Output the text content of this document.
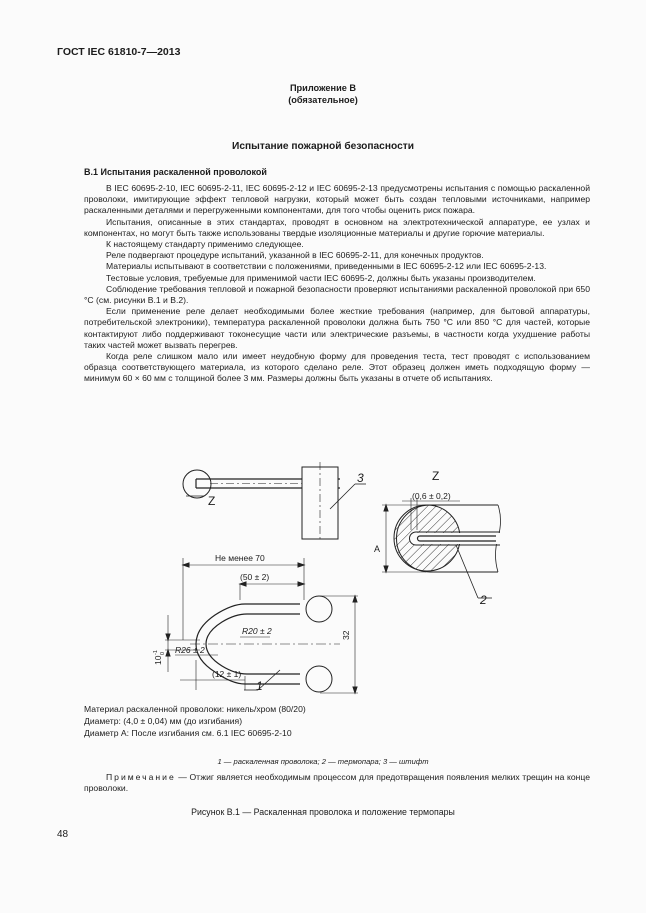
ГОСТ IEC 61810-7—2013
Приложение В
(обязательное)
Испытание пожарной безопасности
В.1 Испытания раскаленной проволокой

В IEC 60695-2-10, IEC 60695-2-11, IEC 60695-2-12 и IEC 60695-2-13 предусмотрены испытания с помощью раскаленной проволоки, имитирующие эффект тепловой нагрузки, который может быть создан тепловыми источниками, например раскаленными деталями и перегруженными компонентами, для того чтобы оценить риск пожара.

Испытания, описанные в этих стандартах, проводят в основном на электротехнической аппаратуре, ее узлах и компонентах, но могут быть также использованы твердые изоляционные материалы и другие горючие материалы.

К настоящему стандарту применимо следующее.

Реле подвергают процедуре испытаний, указанной в IEC 60695-2-11, для конечных продуктов.

Материалы испытывают в соответствии с положениями, приведенными в IEC 60695-2-12 или IEC 60695-2-13.

Тестовые условия, требуемые для применимой части IEC 60695-2, должны быть указаны производителем.

Соблюдение требования тепловой и пожарной безопасности проверяют испытаниями раскаленной проволокой при 650 °С (см. рисунки В.1 и В.2).

Если применение реле делает необходимыми более жесткие требования (например, для бытовой аппаратуры, потребительской электроники), температура раскаленной проволоки должна быть 750 °С или 850 °С для частей, которые контактируют либо поддерживают токонесущие части или электрические разъемы, в частности когда ухудшение работы таких частей может вызвать перегрев.

Когда реле слишком мало или имеет неудобную форму для проведения теста, тест проводят с использованием образца соответствующего материала, из которого сделано реле. Этот образец должен иметь подходящую форму — минимум 60 × 60 мм с толщиной более 3 мм. Размеры должны быть указаны в отчете об испытаниях.

Z
Z
3
2
1
(0,6 ± 0,2)
A
Не менее 70
(50 ± 2)
32
R20 ± 2
R26 ± 2
(12 ± 1)
10
0
-1
Материал раскаленной проволоки: никель/хром (80/20)
Диаметр: (4,0 ± 0,04) мм (до изгибания)
Диаметр А: После изгибания см. 6.1 IEC 60695-2-10
1 — раскаленная проволока; 2 — термопара; 3 — штифт
Примечание — Отжиг является необходимым процессом для предотвращения появления мелких трещин на конце проволоки.
Рисунок В.1 — Раскаленная проволока и положение термопары
48
